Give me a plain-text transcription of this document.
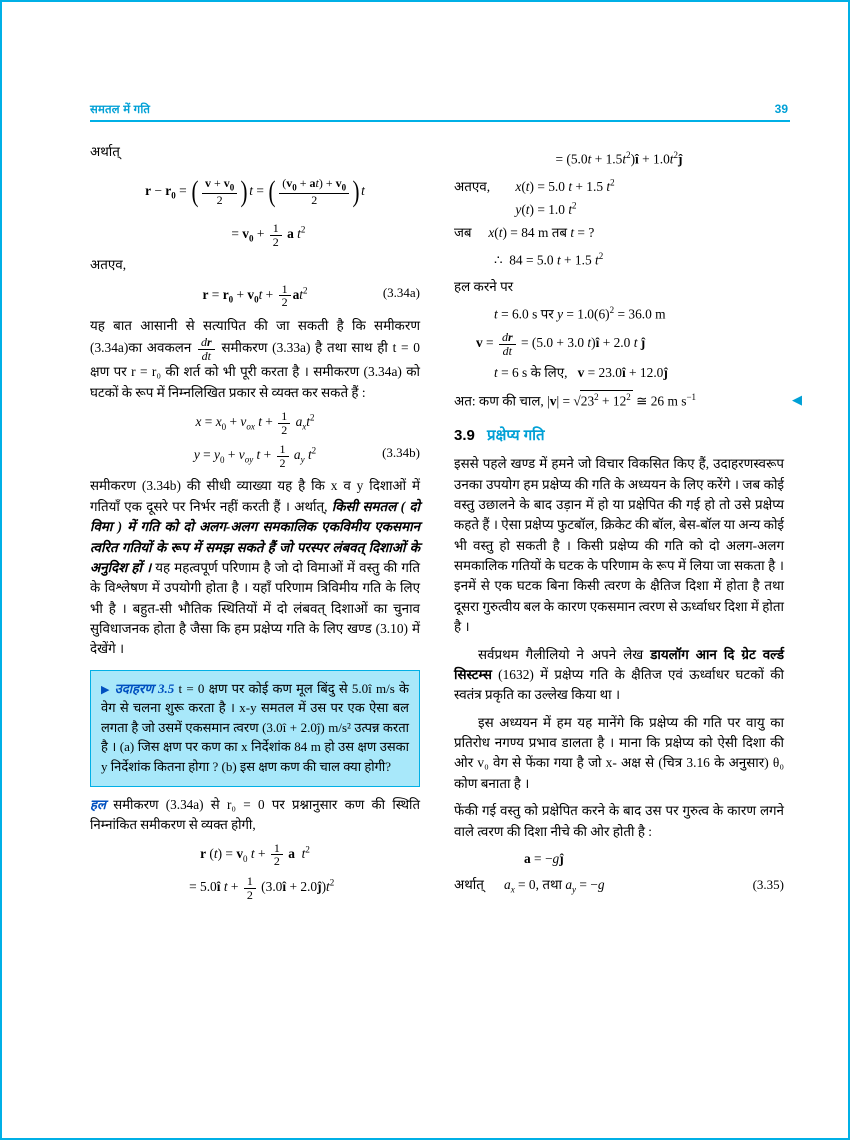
समतल में गति	39

अर्थात्

$r - r_0$ = ( $\frac{v + v_0}{2}$ ) t = ( $\frac{(v_0 + at) + v_0}{2}$ ) t
= $v_0 + \frac{1}{2}$ a $t^2$

अतएव,

$r = r_0 + v_0t + \frac{1}{2} at^2$	(3.34a)

यह बात आसानी से सत्यापित की जा सकती है कि समीकरण (3.34a)का अवकलन $\frac{dr}{dt}$ समीकरण (3.33a) है तथा साथ ही t = 0 क्षण पर r = r₀ की शर्त को भी पूरी करता है । समीकरण (3.34a) को घटकों के रूप में निम्नलिखित प्रकार से व्यक्त कर सकते हैं :

$x = x_0 + v_{ox}$ $t + \frac{1}{2} a_xt^2$
$y = y_0 + v_{oy}$ $t + \frac{1}{2} a_y$ $t^2$	(3.34b)

समीकरण (3.34b) की सीधी व्याख्या यह है कि x व y दिशाओं में गतियाँ एक दूसरे पर निर्भर नहीं करती हैं । अर्थात्, किसी समतल ( दो विमा ) में गति को दो अलग-अलग समकालिक एकविमीय एकसमान त्वरित गतियों के रूप में समझ सकते हैं जो परस्पर लंबवत् दिशाओं के अनुदिश हों । यह महत्वपूर्ण परिणाम है जो दो विमाओं में वस्तु की गति के विश्लेषण में उपयोगी होता है । यहाँ परिणाम त्रिविमीय गति के लिए भी है । बहुत-सी भौतिक स्थितियों में दो लंबवत् दिशाओं का चुनाव सुविधाजनक होता है जैसा कि हम प्रक्षेप्य गति के लिए खण्ड (3.10) में देखेंगे ।

▶ उदाहरण 3.5 t = 0 क्षण पर कोई कण मूल बिंदु से 5.0î m/s के वेग से चलना शुरू करता है । x-y समतल में उस पर एक ऐसा बल लगता है जो उसमें एकसमान त्वरण (3.0î + 2.0ĵ) m/s² उत्पन्न करता है । (a) जिस क्षण पर कण का x निर्देशांक 84 m हो उस क्षण उसका y निर्देशांक कितना होगा ? (b) इस क्षण कण की चाल क्या होगी?
हल समीकरण (3.34a) से r₀ = 0 पर प्रश्नानुसार कण की स्थिति निम्नांकित समीकरण से व्यक्त होगी,
r $(t) = v_0$ $t + \frac{1}{2}$ a $t^2$
= 5.0î $t + \frac{1}{2}$ (3.0î + $2.0ĵ)t^2$
= $(5.0t + 1.5t^2)î$ + $1.0t^2ĵ$

अतएव, x(t) = 5.0 t + 1.5 $t^2$

y(t) = 1.0 $t^2$

जब x(t) = 84 m तब t = ?

∴  84 = 5.0 t + 1.5 $t^2$

हल करने पर

t = 6.0 s पर $y = 1.0(6)^2 = 36.0$ m
$v = \frac{dr}{dt} = (5.0 + 3.0$ t)î + 2.0 t ĵ
t = 6 s के लिए,   v = 23.0î + 12.0ĵ

अत: कण की चाल, $|v| = √23^2 + 12^2$ ≅ 26 m $s^{-1}$	◀

3.9 प्रक्षेप्य गति

इससे पहले खण्ड में हमने जो विचार विकसित किए हैं, उदाहरणस्वरूप उनका उपयोग हम प्रक्षेप्य की गति के अध्ययन के लिए करेंगे । जब कोई वस्तु उछालने के बाद उड़ान में हो या प्रक्षेपित की गई हो तो उसे प्रक्षेप्य कहते हैं । ऐसा प्रक्षेप्य फुटबॉल, क्रिकेट की बॉल, बेस-बॉल या अन्य कोई भी वस्तु हो सकती है । किसी प्रक्षेप्य की गति को दो अलग-अलग समकालिक गतियों के घटक के परिणाम के रूप में लिया जा सकता है । इनमें से एक घटक बिना किसी त्वरण के क्षैतिज दिशा में होता है तथा दूसरा गुरुत्वीय बल के कारण एकसमान त्वरण से ऊर्ध्वाधर दिशा में होता है ।

सर्वप्रथम गैलीलियो ने अपने लेख डायलॉग आन दि ग्रेट वर्ल्ड सिस्टम्स (1632) में प्रक्षेप्य गति के क्षैतिज एवं ऊर्ध्वाधर घटकों की स्वतंत्र प्रकृति का उल्लेख किया था ।

इस अध्ययन में हम यह मानेंगे कि प्रक्षेप्य की गति पर वायु का प्रतिरोध नगण्य प्रभाव डालता है । माना कि प्रक्षेप्य को ऐसी दिशा की ओर v₀ वेग से फेंका गया है जो x- अक्ष से (चित्र 3.16 के अनुसार) θ₀ कोण बनाता है ।

फेंकी गई वस्तु को प्रक्षेपित करने के बाद उस पर गुरुत्व के कारण लगने वाले त्वरण की दिशा नीचे की ओर होती है :

a = −gĵ

अर्थात् $a_x = 0$, तथा $a_y = -g$	(3.35)
